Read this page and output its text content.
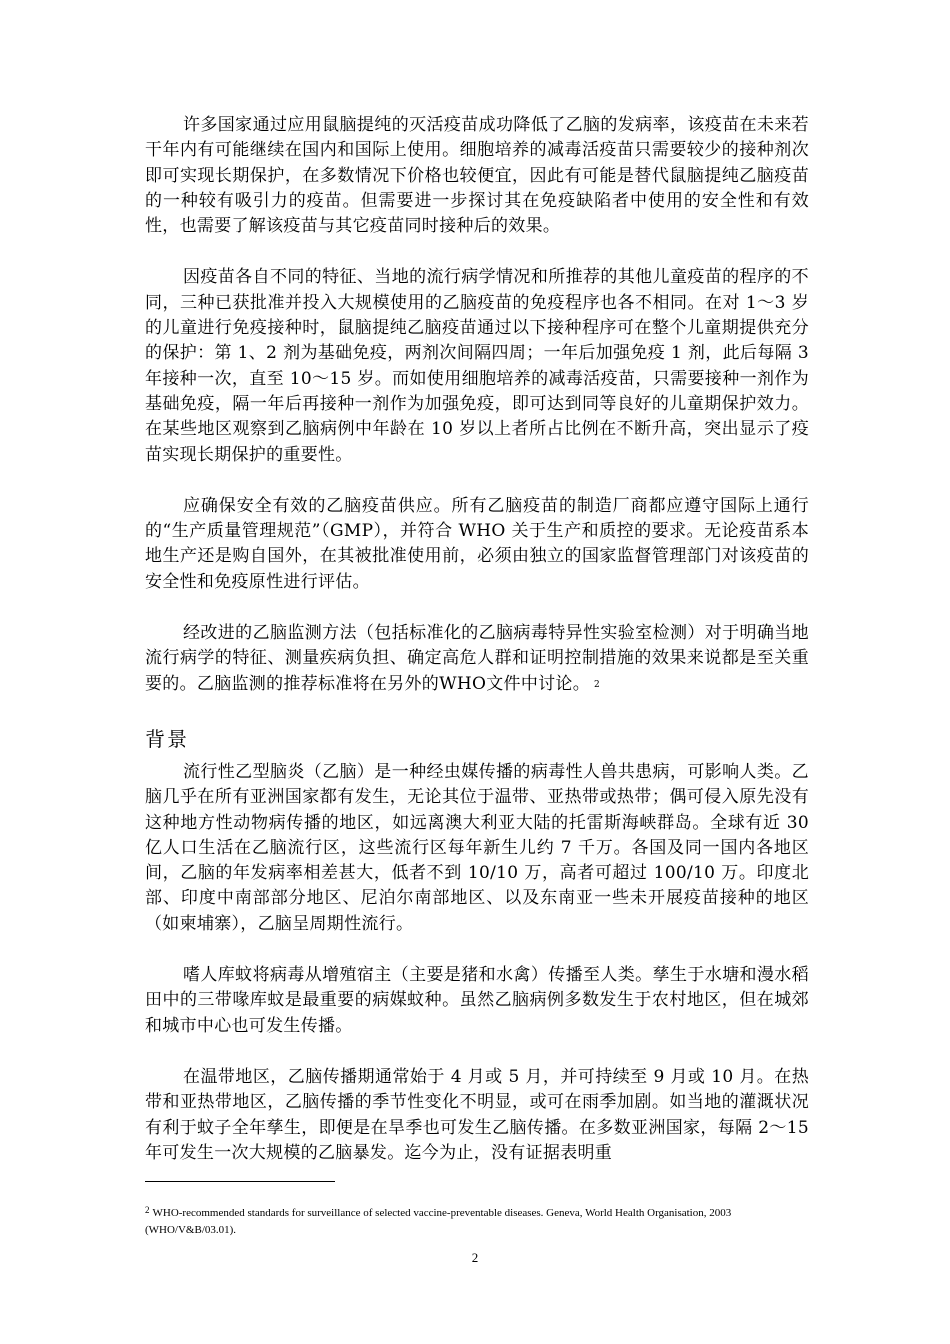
许多国家通过应用鼠脑提纯的灭活疫苗成功降低了乙脑的发病率，该疫苗在未来若干年内有可能继续在国内和国际上使用。细胞培养的减毒活疫苗只需要较少的接种剂次即可实现长期保护，在多数情况下价格也较便宜，因此有可能是替代鼠脑提纯乙脑疫苗的一种较有吸引力的疫苗。但需要进一步探讨其在免疫缺陷者中使用的安全性和有效性，也需要了解该疫苗与其它疫苗同时接种后的效果。

因疫苗各自不同的特征、当地的流行病学情况和所推荐的其他儿童疫苗的程序的不同，三种已获批准并投入大规模使用的乙脑疫苗的免疫程序也各不相同。在对 1～3 岁的儿童进行免疫接种时，鼠脑提纯乙脑疫苗通过以下接种程序可在整个儿童期提供充分的保护：第 1、2 剂为基础免疫，两剂次间隔四周；一年后加强免疫 1 剂，此后每隔 3 年接种一次，直至 10～15 岁。而如使用细胞培养的减毒活疫苗，只需要接种一剂作为基础免疫，隔一年后再接种一剂作为加强免疫，即可达到同等良好的儿童期保护效力。在某些地区观察到乙脑病例中年龄在 10 岁以上者所占比例在不断升高，突出显示了疫苗实现长期保护的重要性。

应确保安全有效的乙脑疫苗供应。所有乙脑疫苗的制造厂商都应遵守国际上通行的“生产质量管理规范”（GMP），并符合 WHO 关于生产和质控的要求。无论疫苗系本地生产还是购自国外，在其被批准使用前，必须由独立的国家监督管理部门对该疫苗的安全性和免疫原性进行评估。

经改进的乙脑监测方法（包括标准化的乙脑病毒特异性实验室检测）对于明确当地流行病学的特征、测量疾病负担、确定高危人群和证明控制措施的效果来说都是至关重要的。乙脑监测的推荐标准将在另外的WHO文件中讨论。 2

背景

流行性乙型脑炎（乙脑）是一种经虫媒传播的病毒性人兽共患病，可影响人类。乙脑几乎在所有亚洲国家都有发生，无论其位于温带、亚热带或热带；偶可侵入原先没有这种地方性动物病传播的地区，如远离澳大利亚大陆的托雷斯海峡群岛。全球有近 30 亿人口生活在乙脑流行区，这些流行区每年新生儿约 7 千万。各国及同一国内各地区间，乙脑的年发病率相差甚大，低者不到 10/10 万，高者可超过 100/10 万。印度北部、印度中南部部分地区、尼泊尔南部地区、以及东南亚一些未开展疫苗接种的地区（如柬埔寨），乙脑呈周期性流行。

嗜人库蚊将病毒从增殖宿主（主要是猪和水禽）传播至人类。孳生于水塘和漫水稻田中的三带喙库蚊是最重要的病媒蚊种。虽然乙脑病例多数发生于农村地区，但在城郊和城市中心也可发生传播。

在温带地区，乙脑传播期通常始于 4 月或 5 月，并可持续至 9 月或 10 月。在热带和亚热带地区，乙脑传播的季节性变化不明显，或可在雨季加剧。如当地的灌溉状况有利于蚊子全年孳生，即便是在旱季也可发生乙脑传播。在多数亚洲国家，每隔 2～15 年可发生一次大规模的乙脑暴发。迄今为止，没有证据表明重

$^2$ WHO-recommended standards for surveillance of selected vaccine-preventable diseases. Geneva, World Health Organisation, 2003 (WHO/V&B/03.01).

2
